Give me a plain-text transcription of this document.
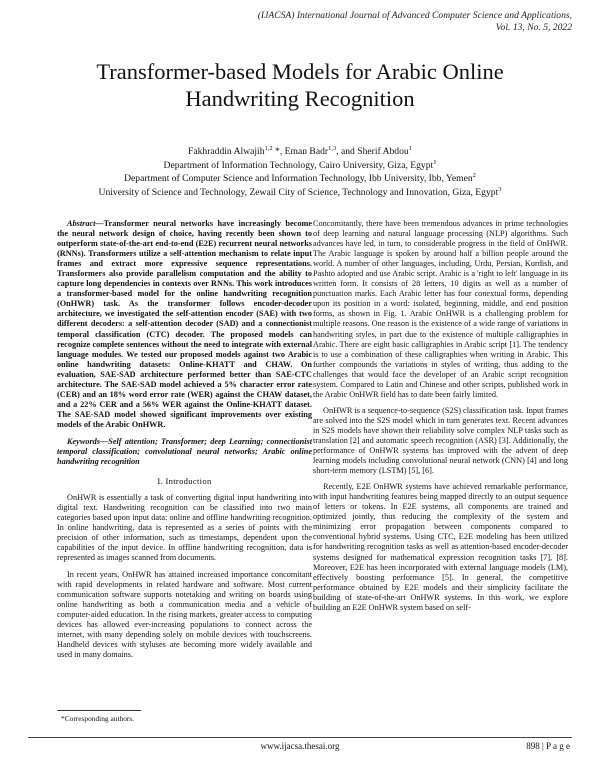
(IJACSA) International Journal of Advanced Computer Science and Applications,
Vol. 13, No. 5, 2022
Transformer-based Models for Arabic Online
Handwriting Recognition
Fakhraddin Alwajih$^{1,2}$ *, Eman Badr$^{1,3}$, and Sherif Abdou$^1$
Department of Information Technology, Cairo University, Giza, Egypt$^1$
Department of Computer Science and Information Technology, Ibb University, Ibb, Yemen$^2$
University of Science and Technology, Zewail City of Science, Technology and Innovation, Giza, Egypt$^3$

Abstract—Transformer neural networks have increasingly become the neural network design of choice, having recently been shown to outperform state-of-the-art end-to-end (E2E) recurrent neural networks (RNNs). Transformers utilize a self-attention mechanism to relate input frames and extract more expressive sequence representations. Transformers also provide parallelism computation and the ability to capture long dependencies in contexts over RNNs. This work introduces a transformer-based model for the online handwriting recognition (OnHWR) task. As the transformer follows encoder-decoder architecture, we investigated the self-attention encoder (SAE) with two different decoders: a self-attention decoder (SAD) and a connectionist temporal classification (CTC) decoder. The proposed models can recognize complete sentences without the need to integrate with external language modules. We tested our proposed models against two Arabic online handwriting datasets: Online-KHATT and CHAW. On evaluation, SAE-SAD architecture performed better than SAE-CTC architecture. The SAE-SAD model achieved a 5% character error rate (CER) and an 18% word error rate (WER) against the CHAW dataset, and a 22% CER and a 56% WER against the Online-KHATT dataset. The SAE-SAD model showed significant improvements over existing models of the Arabic OnHWR.

Keywords—Self attention; Transformer; deep Learning; connectionist temporal classification; convolutional neural networks; Arabic online handwriting recognition

I. Introduction

OnHWR is essentially a task of converting digital input handwriting into digital text. Handwriting recognition can be classified into two main categories based upon input data: online and offline handwriting recognition. In online handwriting, data is represented as a series of points with the precision of other information, such as timestamps, dependent upon the capabilities of the input device. In offline handwriting recognition, data is represented as images scanned from documents.

In recent years, OnHWR has attained increased importance concomitant with rapid developments in related hardware and software. Most current communication software supports notetaking and writing on boards using online handwriting as both a communication media and a vehicle of computer-aided education. In the rising markets, greater access to computing devices has allowed ever-increasing populations to connect across the internet, with many depending solely on mobile devices with touchscreens. Handheld devices with styluses are becoming more widely available and used in many domains.

Concomitantly, there have been tremendous advances in prime technologies of deep learning and natural language processing (NLP) algorithms. Such advances have led, in turn, to considerable progress in the field of OnHWR. The Arabic language is spoken by around half a billion people around the world. A number of other languages, including, Urdu, Persian, Kurdish, and Pashto adopted and use Arabic script. Arabic is a 'right to left' language in its written form. It consists of 28 letters, 10 digits as well as a number of punctuation marks. Each Arabic letter has four conextual forms, depending upon its position in a word: isolated, beginning, middle, and end position forms, as shown in Fig. 1. Arabic OnHWR is a challenging problem for multiple reasons. One reason is the existence of a wide range of variations in handwriting styles, in part due to the existence of multiple calligraphies in Arabic. There are eight basic calligraphies in Arabic script [1]. The tendency is to use a combination of these calligraphies when writing in Arabic. This further compounds the variations in styles of writing, thus adding to the challenges that would face the developer of an Arabic script recognition system. Compared to Latin and Chinese and other scripts, published work in the Arabic OnHWR field has to date been fairly limited.

OnHWR is a sequence-to-sequence (S2S) classification task. Input frames are solved into the S2S model which in turn generates text. Recent advances in S2S models have shown their reliability solve complex NLP tasks such as translation [2] and automatic speech recognition (ASR) [3]. Additionally, the performance of OnHWR systems has improved with the advent of deep learning models including convolutional neural network (CNN) [4] and long short-term memory (LSTM) [5], [6].

Recently, E2E OnHWR systems have achieved remarkable performance, with input handwriting features being mapped directly to an output sequence of letters or tokens. In E2E systems, all components are trained and optimized jointly, thus reducing the complexity of the system and minimizing error propagation between components compared to conventional hybrid systems. Using CTC, E2E modeling has been utilized for handwriting recognition tasks as well as attention-based encoder-decoder systems designed for mathematical expression recognition tasks [7], [8]. Moreover, E2E has been incorporated with external language models (LM), effectively boosting performance [5]. In general, the competitive performance obtained by E2E models and their simplicity facilitate the building of state-of-the-art OnHWR systems. In this work, we explore building an E2E OnHWR system based on self-

*Corresponding authors.
www.ijacsa.thesai.org	898 | P a g e
